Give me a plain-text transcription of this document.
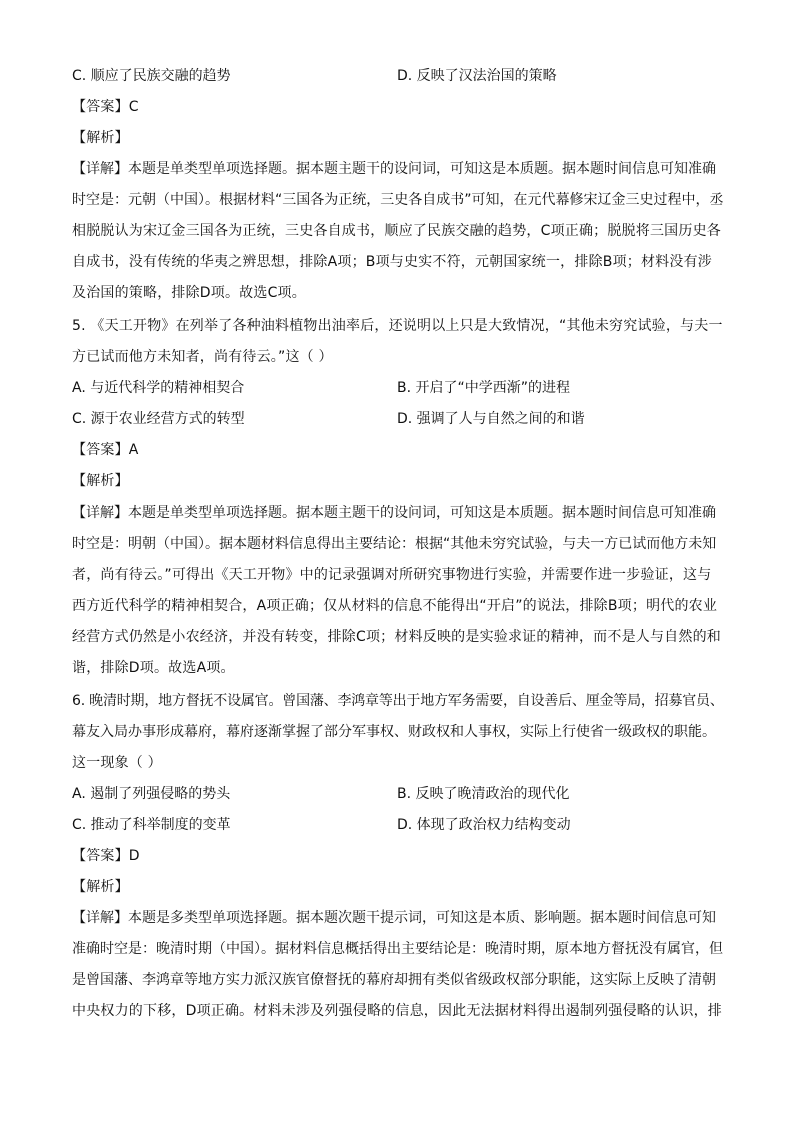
C. 顺应了民族交融的趋势	D. 反映了汉法治国的策略
【答案】C
【解析】
【详解】本题是单类型单项选择题。据本题主题干的设问词，可知这是本质题。据本题时间信息可知准确
时空是：元朝（中国）。根据材料“三国各为正统，三史各自成书”可知，在元代幕修宋辽金三史过程中，丞
相脱脱认为宋辽金三国各为正统，三史各自成书，顺应了民族交融的趋势，C项正确；脱脱将三国历史各
自成书，没有传统的华夷之辨思想，排除A项；B项与史实不符，元朝国家统一，排除B项；材料没有涉
及治国的策略，排除D项。故选C项。
5. 《天工开物》在列举了各种油料植物出油率后，还说明以上只是大致情况，“其他未穷究试验，与夫一
方已试而他方未知者，尚有待云。”这（ ）
A. 与近代科学的精神相契合	B. 开启了“中学西渐”的进程
C. 源于农业经营方式的转型	D. 强调了人与自然之间的和谐
【答案】A
【解析】
【详解】本题是单类型单项选择题。据本题主题干的设问词，可知这是本质题。据本题时间信息可知准确
时空是：明朝（中国）。据本题材料信息得出主要结论：根据“其他未穷究试验，与夫一方已试而他方未知
者，尚有待云。”可得出《天工开物》中的记录强调对所研究事物进行实验，并需要作进一步验证，这与
西方近代科学的精神相契合，A项正确；仅从材料的信息不能得出“开启”的说法，排除B项；明代的农业
经营方式仍然是小农经济，并没有转变，排除C项；材料反映的是实验求证的精神，而不是人与自然的和
谐，排除D项。故选A项。
6. 晚清时期，地方督抚不设属官。曾国藩、李鸿章等出于地方军务需要，自设善后、厘金等局，招募官员、
幕友入局办事形成幕府，幕府逐渐掌握了部分军事权、财政权和人事权，实际上行使省一级政权的职能。
这一现象（ ）
A. 遏制了列强侵略的势头	B. 反映了晚清政治的现代化
C. 推动了科举制度的变革	D. 体现了政治权力结构变动
【答案】D
【解析】
【详解】本题是多类型单项选择题。据本题次题干提示词，可知这是本质、影响题。据本题时间信息可知
准确时空是：晚清时期（中国）。据材料信息概括得出主要结论是：晚清时期，原本地方督抚没有属官，但
是曾国藩、李鸿章等地方实力派汉族官僚督抚的幕府却拥有类似省级政权部分职能，这实际上反映了清朝
中央权力的下移，D项正确。材料未涉及列强侵略的信息，因此无法据材料得出遏制列强侵略的认识，排
